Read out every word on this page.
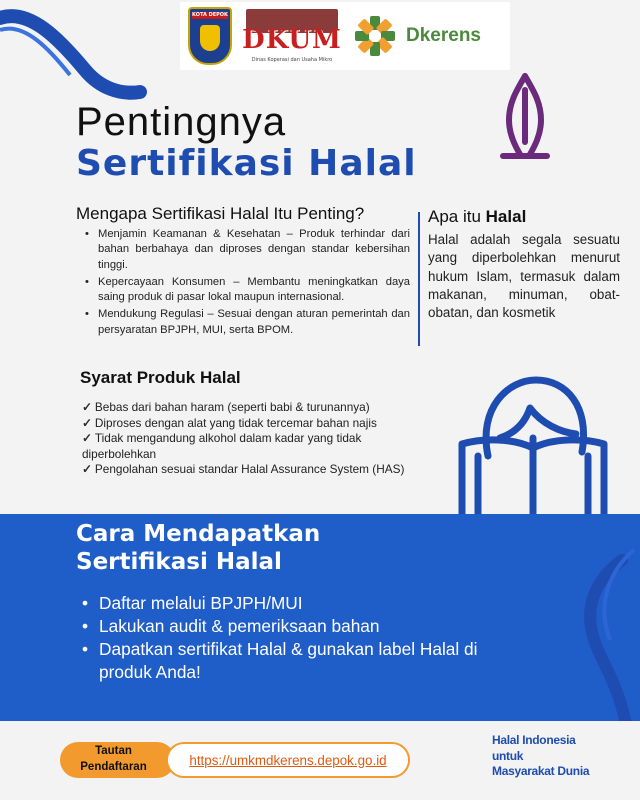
KOTA DEPOK
DKUM
Dinas Koperasi dan Usaha Mikro
Dkerens
Pentingnya
Sertifikasi Halal
Mengapa Sertifikasi Halal Itu Penting?
• Menjamin Keamanan & Kesehatan – Produk terhindar dari bahan berbahaya dan diproses dengan standar kebersihan tinggi.
• Kepercayaan Konsumen – Membantu meningkatkan daya saing produk di pasar lokal maupun internasional.
• Mendukung Regulasi – Sesuai dengan aturan pemerintah dan persyaratan BPJPH, MUI, serta BPOM.
Apa itu Halal
Halal adalah segala sesuatu yang diperbolehkan menurut hukum Islam, termasuk dalam makanan, minuman, obat-obatan, dan kosmetik
Syarat Produk Halal
✓ Bebas dari bahan haram (seperti babi & turunannya)
✓ Diproses dengan alat yang tidak tercemar bahan najis
✓ Tidak mengandung alkohol dalam kadar yang tidak diperbolehkan
✓ Pengolahan sesuai standar Halal Assurance System (HAS)
Cara Mendapatkan Sertifikasi Halal
• Daftar melalui BPJPH/MUI
• Lakukan audit & pemeriksaan bahan
• Dapatkan sertifikat Halal & gunakan label Halal di produk Anda!
Tautan
Pendaftaran	https://umkmdkerens.depok.go.id
Halal Indonesia
untuk
Masyarakat Dunia
